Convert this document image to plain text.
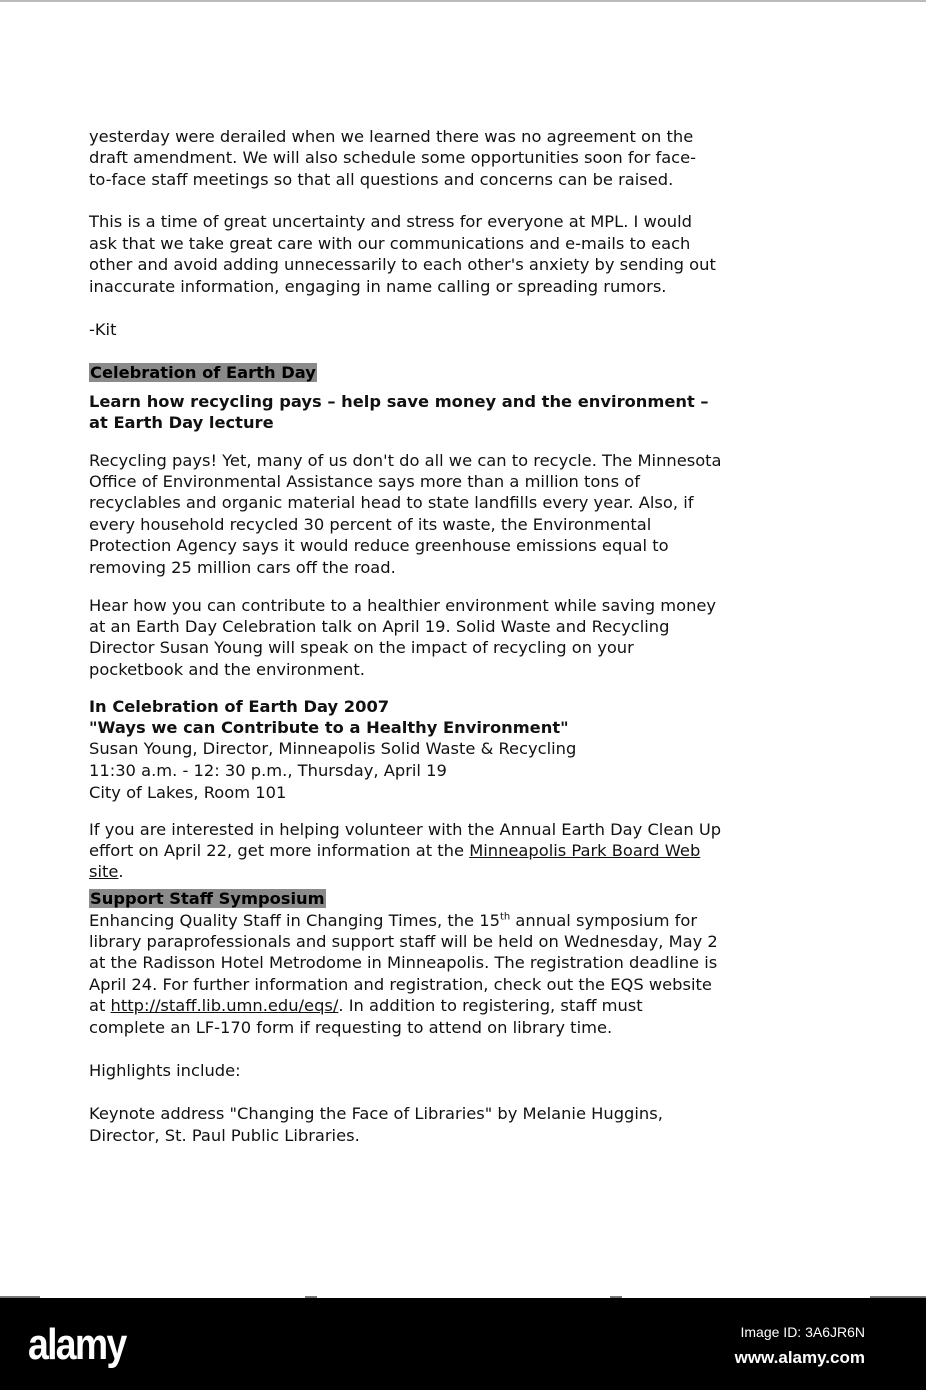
yesterday were derailed when we learned there was no agreement on the
draft amendment. We will also schedule some opportunities soon for face-
to-face staff meetings so that all questions and concerns can be raised.
This is a time of great uncertainty and stress for everyone at MPL. I would
ask that we take great care with our communications and e-mails to each
other and avoid adding unnecessarily to each other's anxiety by sending out
inaccurate information, engaging in name calling or spreading rumors.
-Kit
Celebration of Earth Day
Learn how recycling pays – help save money and the environment –
at Earth Day lecture
Recycling pays! Yet, many of us don't do all we can to recycle. The Minnesota
Office of Environmental Assistance says more than a million tons of
recyclables and organic material head to state landfills every year. Also, if
every household recycled 30 percent of its waste, the Environmental
Protection Agency says it would reduce greenhouse emissions equal to
removing 25 million cars off the road.
Hear how you can contribute to a healthier environment while saving money
at an Earth Day Celebration talk on April 19. Solid Waste and Recycling
Director Susan Young will speak on the impact of recycling on your
pocketbook and the environment.
In Celebration of Earth Day 2007
"Ways we can Contribute to a Healthy Environment"
Susan Young, Director, Minneapolis Solid Waste & Recycling
11:30 a.m. - 12: 30 p.m., Thursday, April 19
City of Lakes, Room 101
If you are interested in helping volunteer with the Annual Earth Day Clean Up
effort on April 22, get more information at the Minneapolis Park Board Web
site.
Support Staff Symposium
Enhancing Quality Staff in Changing Times, the 15th annual symposium for
library paraprofessionals and support staff will be held on Wednesday, May 2
at the Radisson Hotel Metrodome in Minneapolis. The registration deadline is
April 24. For further information and registration, check out the EQS website
at http://staff.lib.umn.edu/eqs/. In addition to registering, staff must
complete an LF-170 form if requesting to attend on library time.
Highlights include:
Keynote address "Changing the Face of Libraries" by Melanie Huggins,
Director, St. Paul Public Libraries.
alamy	Image ID: 3A6JR6N
www.alamy.com
